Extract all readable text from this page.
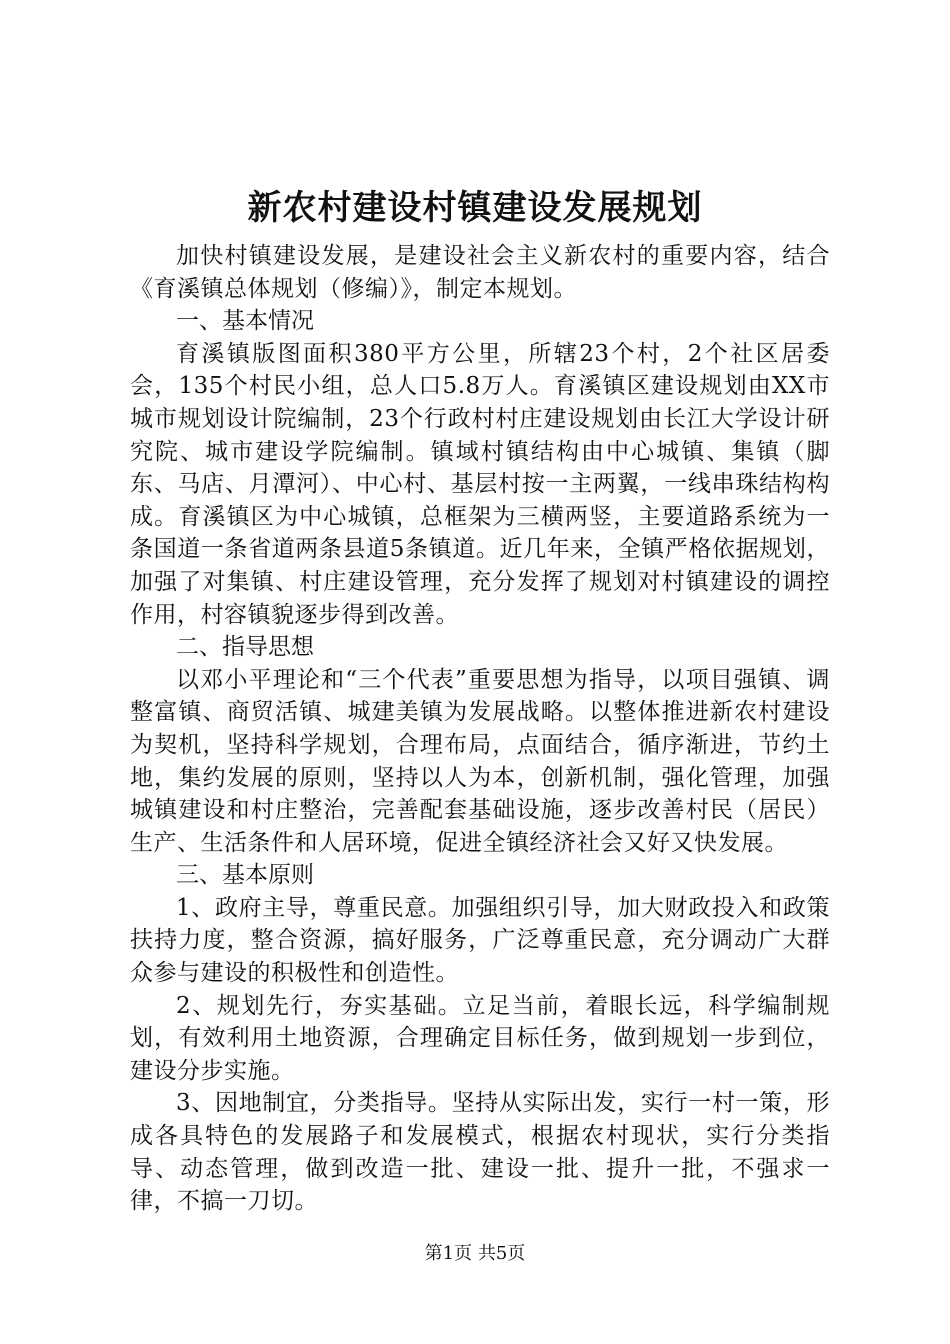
新农村建设村镇建设发展规划

加快村镇建设发展，是建设社会主义新农村的重要内容，结合《育溪镇总体规划（修编）》，制定本规划。

一、基本情况

育溪镇版图面积380平方公里，所辖23个村，2个社区居委会，135个村民小组，总人口5.8万人。育溪镇区建设规划由XX市城市规划设计院编制，23个行政村村庄建设规划由长江大学设计研究院、城市建设学院编制。镇域村镇结构由中心城镇、集镇（脚东、马店、月潭河）、中心村、基层村按一主两翼，一线串珠结构构成。育溪镇区为中心城镇，总框架为三横两竖，主要道路系统为一条国道一条省道两条县道5条镇道。近几年来，全镇严格依据规划，加强了对集镇、村庄建设管理，充分发挥了规划对村镇建设的调控作用，村容镇貌逐步得到改善。

二、指导思想

以邓小平理论和“三个代表”重要思想为指导，以项目强镇、调整富镇、商贸活镇、城建美镇为发展战略。以整体推进新农村建设为契机，坚持科学规划，合理布局，点面结合，循序渐进，节约土地，集约发展的原则，坚持以人为本，创新机制，强化管理，加强城镇建设和村庄整治，完善配套基础设施，逐步改善村民（居民）生产、生活条件和人居环境，促进全镇经济社会又好又快发展。

三、基本原则

1、政府主导，尊重民意。加强组织引导，加大财政投入和政策扶持力度，整合资源，搞好服务，广泛尊重民意，充分调动广大群众参与建设的积极性和创造性。

2、规划先行，夯实基础。立足当前，着眼长远，科学编制规划，有效利用土地资源，合理确定目标任务，做到规划一步到位，建设分步实施。

3、因地制宜，分类指导。坚持从实际出发，实行一村一策，形成各具特色的发展路子和发展模式，根据农村现状，实行分类指导、动态管理，做到改造一批、建设一批、提升一批，不强求一律，不搞一刀切。

第1页 共5页
